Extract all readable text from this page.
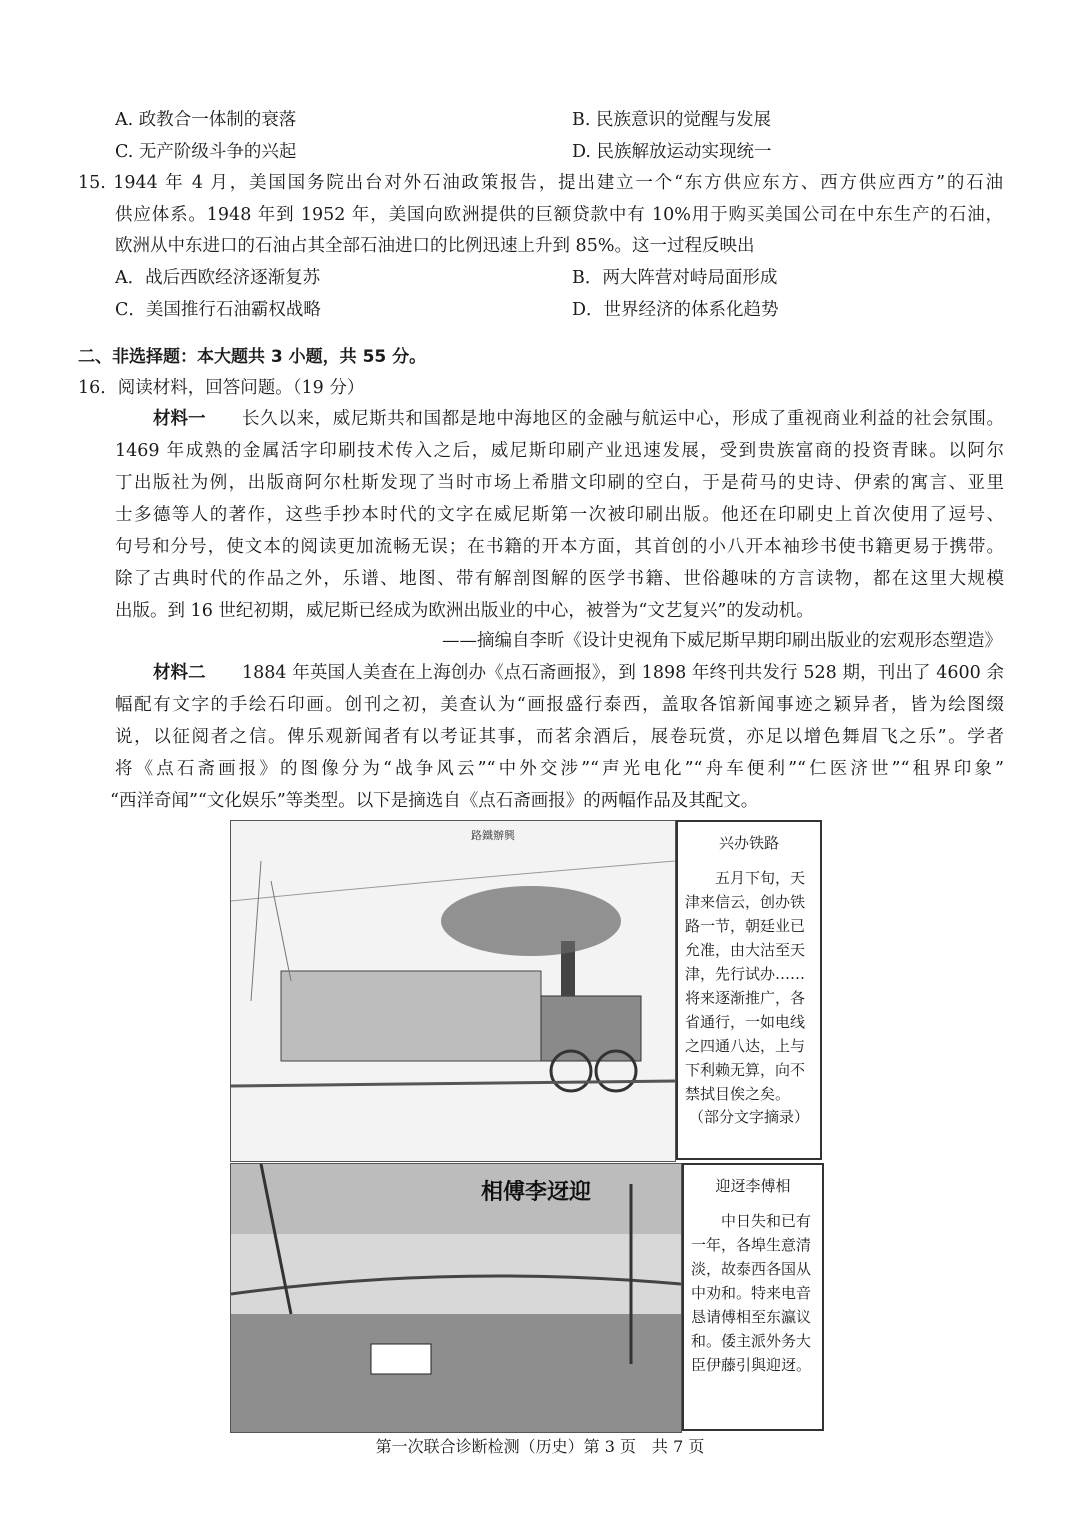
A. 政教合一体制的衰落	B. 民族意识的觉醒与发展
C. 无产阶级斗争的兴起	D. 民族解放运动实现统一
15. 1944 年 4 月，美国国务院出台对外石油政策报告，提出建立一个“东方供应东方、西方供应西方”的石油
供应体系。1948 年到 1952 年，美国向欧洲提供的巨额贷款中有 10%用于购买美国公司在中东生产的石油，
欧洲从中东进口的石油占其全部石油进口的比例迅速上升到 85%。这一过程反映出
A．战后西欧经济逐渐复苏	B．两大阵营对峙局面形成
C．美国推行石油霸权战略	D．世界经济的体系化趋势
二、非选择题：本大题共 3 小题，共 55 分。
16．阅读材料，回答问题。（19 分）
材料一 长久以来，威尼斯共和国都是地中海地区的金融与航运中心，形成了重视商业利益的社会氛围。
1469 年成熟的金属活字印刷技术传入之后，威尼斯印刷产业迅速发展，受到贵族富商的投资青睐。以阿尔
丁出版社为例，出版商阿尔杜斯发现了当时市场上希腊文印刷的空白，于是荷马的史诗、伊索的寓言、亚里
士多德等人的著作，这些手抄本时代的文字在威尼斯第一次被印刷出版。他还在印刷史上首次使用了逗号、
句号和分号，使文本的阅读更加流畅无误；在书籍的开本方面，其首创的小八开本袖珍书使书籍更易于携带。
除了古典时代的作品之外，乐谱、地图、带有解剖图解的医学书籍、世俗趣味的方言读物，都在这里大规模
出版。到 16 世纪初期，威尼斯已经成为欧洲出版业的中心，被誉为“文艺复兴”的发动机。
——摘编自李昕《设计史视角下威尼斯早期印刷出版业的宏观形态塑造》
材料二 1884 年英国人美查在上海创办《点石斋画报》，到 1898 年终刊共发行 528 期，刊出了 4600 余
幅配有文字的手绘石印画。创刊之初，美查认为“画报盛行泰西，盖取各馆新闻事迹之颖异者，皆为绘图缀
说，以征阅者之信。俾乐观新闻者有以考证其事，而茗余酒后，展卷玩赏，亦足以增色舞眉飞之乐”。学者
将《点石斋画报》的图像分为“战争风云”“中外交涉”“声光电化”“舟车便利”“仁医济世”“租界印象”
“西洋奇闻”“文化娱乐”等类型。以下是摘选自《点石斋画报》的两幅作品及其配文。
路鐵辦興	兴办铁路
五月下旬，天津来信云，创办铁路一节，朝廷业已允准，由大沽至天津，先行试办……将来逐渐推广，各省通行，一如电线之四通八达，上与下利赖无算，向不禁拭目俟之矣。
（部分文字摘录）
相傅李迓迎	迎迓李傅相
中日失和已有一年，各埠生意清淡，故泰西各国从中劝和。特来电音恳请傅相至东瀛议和。倭主派外务大臣伊藤引與迎迓。
第一次联合诊断检测（历史）第 3 页　共 7 页
